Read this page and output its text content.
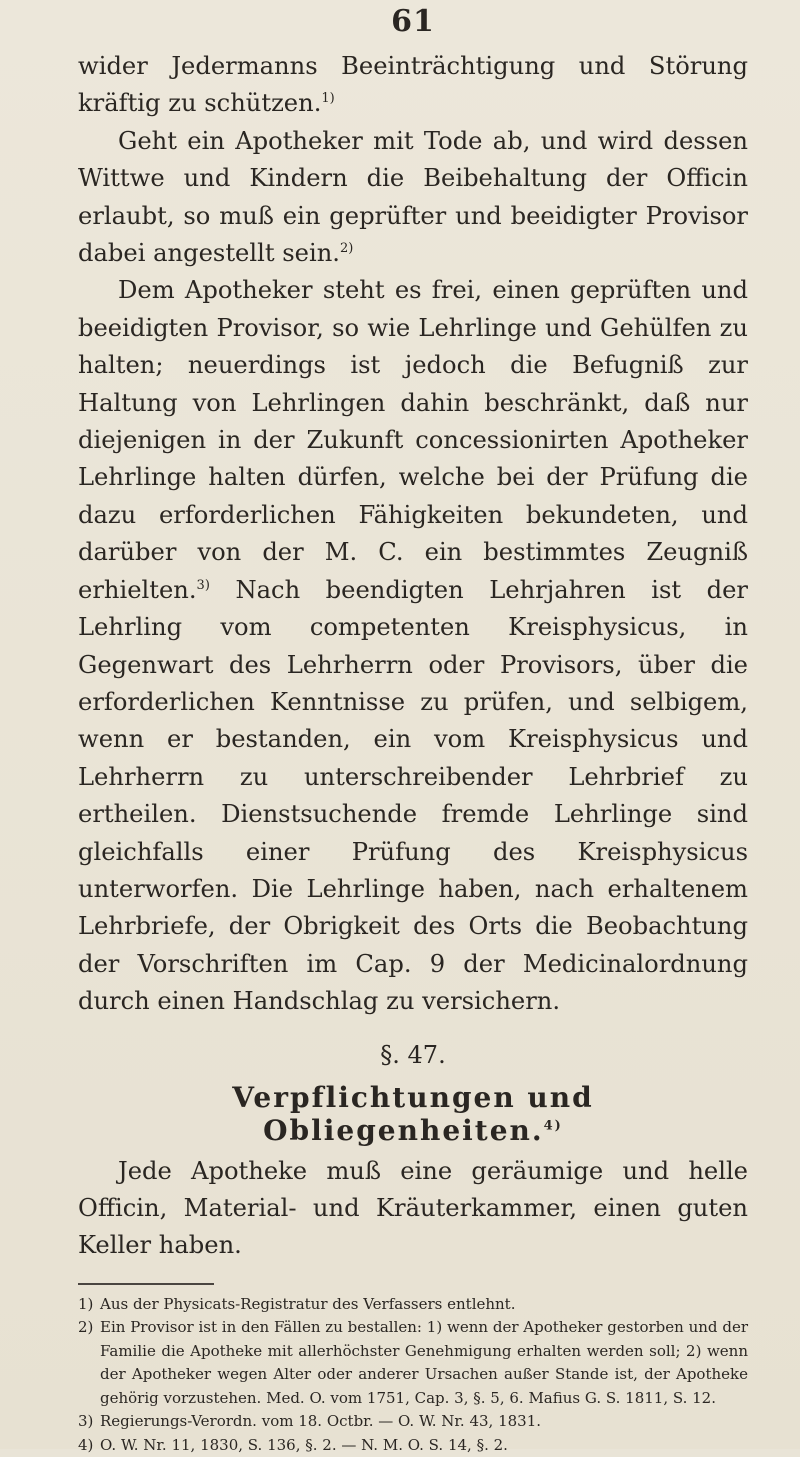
61

wider Jedermanns Beeinträchtigung und Störung kräftig zu schützen.$^{1)}$

Geht ein Apotheker mit Tode ab, und wird dessen Wittwe und Kindern die Beibehaltung der Officin erlaubt, so muß ein geprüfter und beeidigter Provisor dabei angestellt sein.$^{2)}$

Dem Apotheker steht es frei, einen geprüften und beeidigten Provisor, so wie Lehrlinge und Gehülfen zu halten; neuerdings ist jedoch die Befugniß zur Haltung von Lehrlingen dahin beschränkt, daß nur diejenigen in der Zukunft concessionirten Apotheker Lehrlinge halten dürfen, welche bei der Prüfung die dazu erforderlichen Fähigkeiten bekundeten, und darüber von der M. C. ein bestimmtes Zeugniß erhielten.$^{3)}$ Nach beendigten Lehrjahren ist der Lehrling vom competenten Kreisphysicus, in Gegenwart des Lehrherrn oder Provisors, über die erforderlichen Kenntnisse zu prüfen, und selbigem, wenn er bestanden, ein vom Kreisphysicus und Lehrherrn zu unterschreibender Lehrbrief zu ertheilen. Dienstsuchende fremde Lehrlinge sind gleichfalls einer Prüfung des Kreisphysicus unterworfen. Die Lehrlinge haben, nach erhaltenem Lehrbriefe, der Obrigkeit des Orts die Beobachtung der Vorschriften im Cap. 9 der Medicinalordnung durch einen Handschlag zu versichern.

§. 47.
Verpflichtungen und Obliegenheiten.$^{4)}$

Jede Apotheke muß eine geräumige und helle Officin, Material- und Kräuterkammer, einen guten Keller haben.

1) Aus der Physicats-Registratur des Verfassers entlehnt.
2) Ein Provisor ist in den Fällen zu bestallen: 1) wenn der Apotheker gestorben und der Familie die Apotheke mit allerhöchster Genehmigung erhalten werden soll; 2) wenn der Apotheker wegen Alter oder anderer Ursachen außer Stande ist, der Apotheke gehörig vorzustehen. Med. O. vom 1751, Cap. 3, §. 5, 6. Mafius G. S. 1811, S. 12.
3) Regierungs-Verordn. vom 18. Octbr. — O. W. Nr. 43, 1831.
4) O. W. Nr. 11, 1830, S. 136, §. 2. — N. M. O. S. 14, §. 2.
